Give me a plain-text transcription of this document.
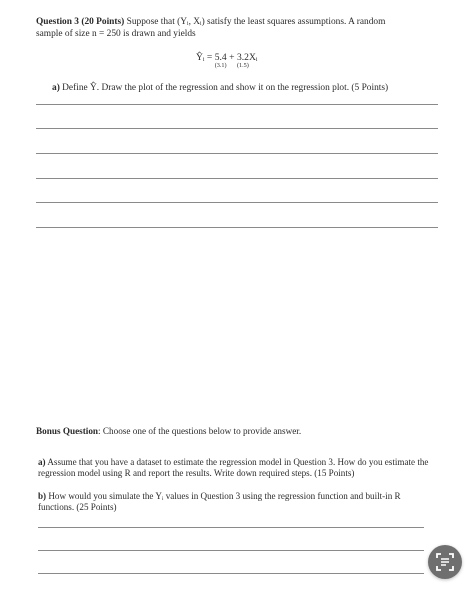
Question 3 (20 Points) Suppose that (Yᵢ, Xᵢ) satisfy the least squares assumptions. A random
sample of size n = 250 is drawn and yields
Ŷᵢ = 5.4
(3.1)
+ 3.2
(1.5)
Xᵢ
a) Define Ŷ. Draw the plot of the regression and show it on the regression plot. (5 Points)
Bonus Question: Choose one of the questions below to provide answer.
a) Assume that you have a dataset to estimate the regression model in Question 3. How do you estimate the regression model using R and report the results. Write down required steps. (15 Points)
b) How would you simulate the Yᵢ values in Question 3 using the regression function and built-in R functions. (25 Points)
